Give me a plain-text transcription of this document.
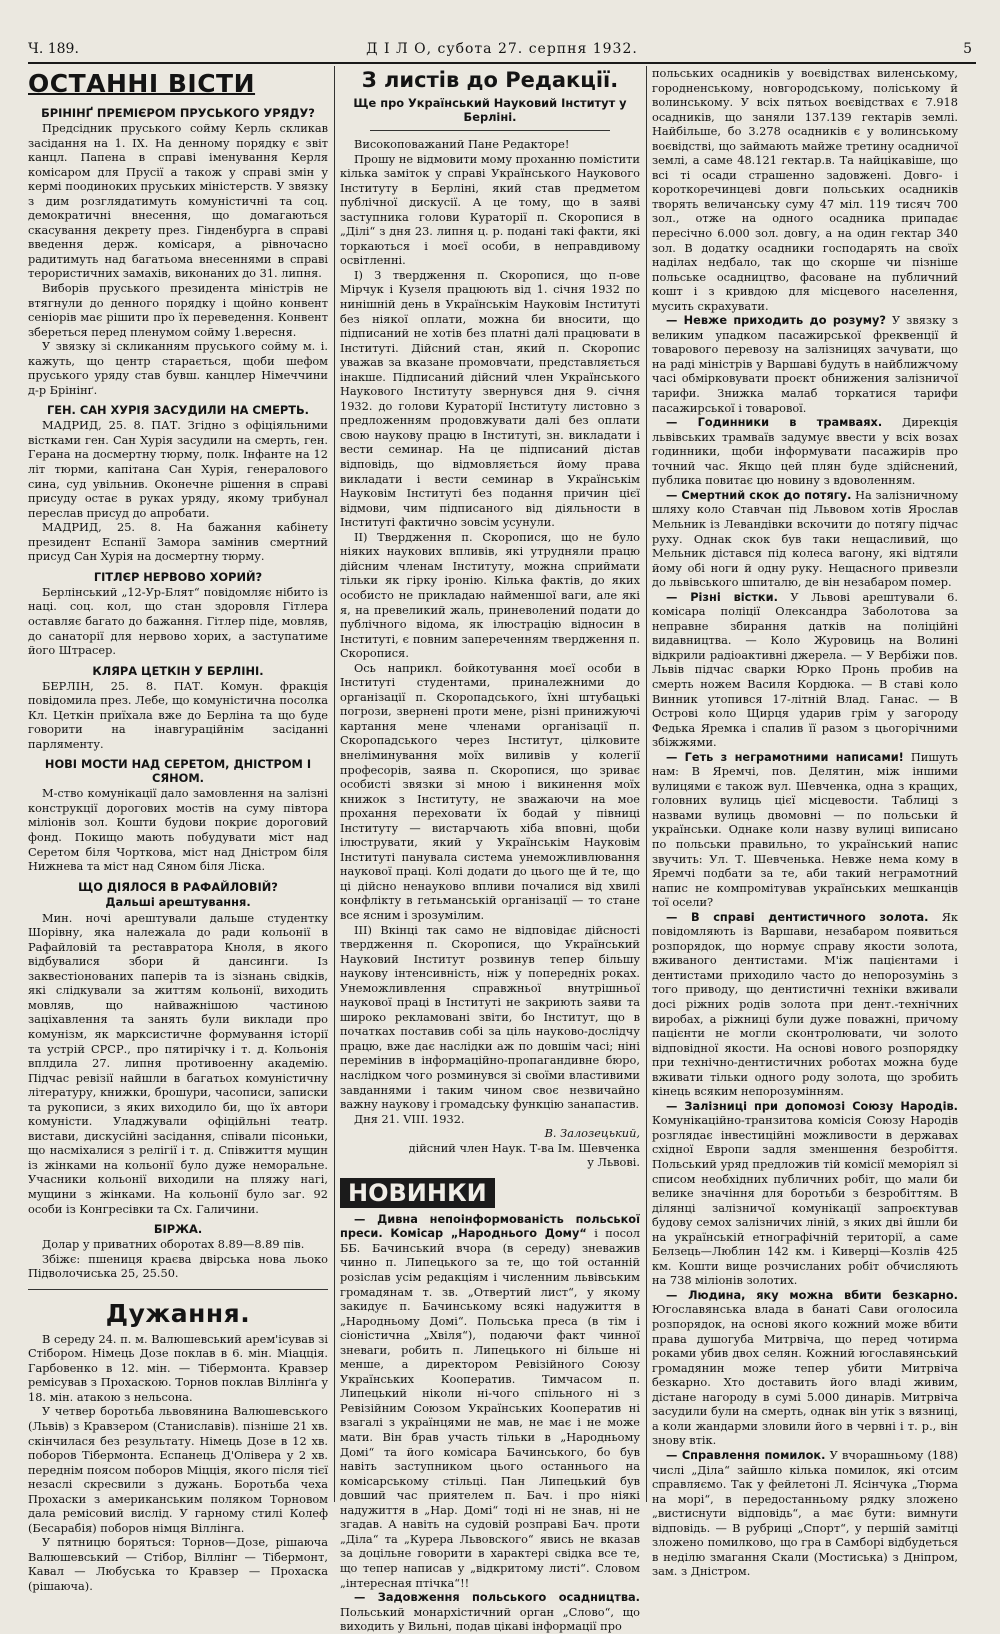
Ч. 189.	Д І Л О, субота 27. серпня 1932.	5
ОСТАННІ ВІСТИ
БРІНІНҐ ПРЕМІЄРОМ ПРУСЬКОГО УРЯДУ?

Предсідник пруського сойму Керль скликав засідання на 1. IX. На денному порядку є звіт канцл. Папена в справі іменування Керля комісаром для Прусії а також у справі змін у кермі поодиноких пруських міністерств. У звязку з дим розглядатимуть комуністичні та соц. демократичні внесення, що домагаються скасування декрету през. Гінденбурга в справі введення держ. комісаря, а рівночасно радитимуть над багатьома внесеннями в справі терористичних замахів, виконаних до 31. липня.

Виборів пруського президента міністрів не втягнули до денного порядку і щойно конвент сеніорів має рішити про їх переведення. Конвент збереться перед пленумом сойму 1.вересня.

У звязку зі скликанням пруського сойму м. і. кажуть, що центр старається, щоби шефом пруського уряду став бувш. канцлер Німеччини д-р Брінінґ.

ГЕН. САН ХУРІЯ ЗАСУДИЛИ НА СМЕРТЬ.

МАДРИД, 25. 8. ПАТ. Згідно з офіціяльними вістками ген. Сан Хурія засудили на смерть, ген. Герана на досмертну тюрму, полк. Інфанте на 12 літ тюрми, капітана Сан Хурія, генералового сина, суд увільнив. Оконечне рішення в справі присуду остає в руках уряду, якому трибунал переслав присуд до апробати.

МАДРИД, 25. 8. На бажання кабінету президент Еспанії Замора замінив смертний присуд Сан Хурія на досмертну тюрму.

ГІТЛЄР НЕРВОВО ХОРИЙ?

Берлінський „12-Ур-Блят“ повідомляє нібито із наці. соц. кол, що стан здоровля Гітлера оставляє багато до бажання. Гітлер піде, мовляв, до санаторії для нервово хорих, а заступатиме його Штрасер.

КЛЯРА ЦЕТКІН У БЕРЛІНІ.

БЕРЛІН, 25. 8. ПАТ. Комун. фракція повідомила през. Лебе, що комуністична посолка Кл. Цеткін приїхала вже до Берліна та що буде говорити на інавгураційнім засіданні парляменту.

НОВІ МОСТИ НАД СЕРЕТОМ, ДНІСТРОМ І СЯНОМ.

М-ство комунікації дало замовлення на залізні конструкції дорогових мостів на суму півтора міліонів зол. Кошти будови покриє дороговий фонд. Покищо мають побудувати міст над Серетом біля Чорткова, міст над Дністром біля Нижнева та міст над Сяном біля Ліска.

ЩО ДІЯЛОСЯ В РАФАЙЛОВІЙ?
Дальші арештування.

Мин. ночі арештували дальше студентку Шорівну, яка належала до ради кольонії в Рафайловій та реставратора Кноля, в якого відбувалися збори й дансинги. Із заквестіонованих паперів та із зізнань свідків, які слідкували за життям кольонії, виходить мовляв, що найважнішою частиною заціхавлення та занять були виклади про комунізм, як марксистичне формування історії та устрій СРСР., про пятирічку і т. д. Кольонія вплдила 27. липня противоенну академію. Підчас ревізії найшли в багатьох комуністичну літературу, книжки, брошури, часописи, записки та рукописи, з яких виходило би, що їх автори комуністи. Уладжували офіційльні театр. вистави, дискусійні засідання, співали пісоньки, що насміхалися з релігії і т. д. Співжиття мущин із жінками на кольонії було дуже неморальне. Учасники кольонії виходили на пляжу нагі, мущини з жінками. На кольонії було заг. 92 особи із Конгресівки та Сх. Галичини.

БІРЖА.

Долар у приватних оборотах 8.89—8.89 пів.

Збіжє: пшениця краєва двірська нова льоко Підволочиська 25, 25.50.

Дужання.

В середу 24. п. м. Валюшевський арем'ісував зі Стібором. Німець Дозе поклав в 6. мін. Міацція. Гарбовенко в 12. мін. — Тібермонта. Кравзер ремісував з Прохаскою. Торнов поклав Віллінґа у 18. мін. атакою з нельсона.

У четвер боротьба львовянина Валюшевського (Львів) з Кравзером (Станиславів). пізніше 21 хв. скінчилася без результату. Німець Дозе в 12 хв. поборов Тібермонта. Еспанець Д'Олівера у 2 хв. переднім поясом поборов Міцція, якого після тієї незаслі скресвили з дужань. Боротьба чеха Прохаски з американським поляком Торновом дала ремісовий вислід. У гарному стилі Колеф (Бесарабія) поборов німця Віллінга.

У пятницю боряться: Торнов—Дозе, рішаюча Валюшевський — Стібор, Віллінг — Тібермонт, Кавал — Любуська то Кравзер — Прохаска (рішаюча).

З листів до Редакції.
Ще про Український Науковий Інститут у Берліні.

Високоповажаний Пане Редакторе!

Прошу не відмовити мому проханню помістити кілька заміток у справі Українського Наукового Інституту в Берліні, який став предметом публічної дискусії. А це тому, що в заяві заступника голови Кураторії п. Скоропися в „Ділі“ з дня 23. липня ц. р. подані такі факти, які торкаються і моєї особи, в неправдивому освітленні.

I) З твердження п. Скоропися, що п-ове Мірчук і Кузеля працюють від 1. січня 1932 по нинішній день в Українськім Науковім Інституті без ніякої оплати, можна би вносити, що підписаний не хотів без платні далі працювати в Інституті. Дійсний стан, який п. Скоропис уважав за вказане промовчати, представляється інакше. Підписаний дійсний член Українського Наукового Інституту звернувся дня 9. січня 1932. до голови Кураторії Інституту листовно з предложенням продовжувати далі без оплати свою наукову працю в Інституті, зн. викладати і вести семинар. На це підписаний дістав відповідь, що відмовляється йому права викладати і вести семинар в Українськім Науковім Інституті без подання причин цієї відмови, чим підписаного від діяльности в Інституті фактично зовсім усунули.

II) Твердження п. Скоропися, що не було ніяких наукових впливів, які утрудняли працю дійсним членам Інституту, можна сприймати тільки як гірку іронію. Кілька фактів, до яких особисто не прикладаю найменшої ваги, але які я, на превеликий жаль, приневолений подати до публічного відома, як ілюстрацію відносин в Інституті, є повним запереченням твердження п. Скоропися.

Ось наприкл. бойкотування моєї особи в Інституті студентами, приналежними до організації п. Скоропадського, їхні штубацькі погрози, звернені проти мене, різні принижуючі картання мене членами організації п. Скоропадського через Інститут, цілковите внеліминування моїх виливів у колегії професорів, заява п. Скоропися, що зриває особисті звязки зі мною і викинення моїх книжок з Інституту, не зважаючи на мое прохання переховати їх бодай у півниці Інституту — вистарчають хіба вповні, щоби ілюструвати, який у Українськім Науковім Інституті панувала система унеможливлювання наукової праці. Колі додати до цього ще й те, що ці дійсно ненауково впливи почалися від хвилі конфлікту в гетьманській організації — то стане все ясним і зрозумілим.

III) Вкінці так само не відповідає дійсності твердження п. Скоропися, що Український Науковий Інститут розвинув тепер більшу наукову інтенсивність, ніж у попередніх роках. Унеможливлення справжньої внутрішньої наукової праці в Інституті не закриють заяви та широко рекламовані звіти, бо Інститут, що в початках поставив собі за ціль науково-дослідчу працю, вже дає наслідки аж по довшім часі; ніні перемінив в інформаційно-пропагандивне бюро, наслідком чого розминувся зі своїми властивими завданнями і таким чином своє незвичайно важну наукову і громадську функцію занапастив.

Дня 21. VIII. 1932.

В. Залозецький,
дійсний член Наук. Т-ва Ім. Шевченка
у Львові.
НОВИНКИ

— Дивна непоінформованість польської преси. Комісар „Народнього Дому“ і посол ББ. Бачинський вчора (в середу) зневажив чинно п. Липецького за те, що той останній розіслав усім редакціям і численним львівським громадянам т. зв. „Отвертий лист“, у якому закидує п. Бачинському всякі надужиття в „Народньому Домі“. Польська преса (в тім і сіоністична „Хвіля“), подаючи факт чинної зневаги, робить п. Липецького ні більше ні менше, а директором Ревізійного Союзу Українських Кооператив. Тимчасом п. Липецький ніколи ні-чого спільного ні з Ревізійним Союзом Українських Кооператив ні взагалі з українцями не мав, не має і не може мати. Він брав участь тільки в „Народньому Домі“ та його комісара Бачинського, бо був навіть заступником цього останнього на комісарському стільці. Пан Липецький був довший час приятелем п. Бач. і про ніякі надужиття в „Нар. Домі“ тоді ні не знав, ні не згадав. А навіть на судовій розправі Бач. проти „Діла“ та „Курера Львовского“ явись не вказав за доцільне говорити в характері свідка все те, що тепер написав у „відкритому листі“. Словом „інтересная птічка“!!

— Задовження польського осадництва. Польський монархістичний орган „Слово“, що виходить у Вильні, подав цікаві інформації про

польських осадників у воєвідствах виленському, городненському, новгородському, поліському й волинському. У всіх пятьох воєвідствах є 7.918 осадників, що заняли 137.139 гектарів землі. Найбільше, бо 3.278 осадників є у волинському воєвідстві, що займають майже третину осадничої землі, а саме 48.121 гектар.в. Та найцікавіше, що всі ті осади страшенно задовжені. Довго- і короткоречинцеві довги польських осадників творять величанську суму 47 міл. 119 тисяч 700 зол., отже на одного осадника припадає пересічно 6.000 зол. довгу, а на один гектар 340 зол. В додатку осадники господарять на своїх наділах недбало, так що скорше чи пізніше польське осадництво, фасоване на публичний кошт і з кривдою для місцевого населення, мусить скрахувати.

— Невже приходить до розуму? У звязку з великим упадком пасажирської фреквенції й товарового перевозу на залізницях зачувати, що на раді міністрів у Варшаві будуть в найближчому часі обмірковувати проєкт обнижения залізничої тарифи. Знижка малаб торкатися тарифи пасажирської і товарової.

— Годинники в трамваях. Дирекція львівських трамваїв задумує ввести у всіх возах годинники, щоби інформувати пасажирів про точний час. Якщо цей плян буде здійснений, публика повитає цю новину з вдоволенням.

— Смертний скок до потягу. На залізничному шляху коло Ставчан під Львовом хотів Ярослав Мельник із Левандівки вскочити до потягу підчас руху. Однак скок був таки нещасливий, що Мельник дістався під колеса вагону, які відтяли йому обі ноги й одну руку. Нещасного привезли до львівського шпиталю, де він незабаром помер.

— Різні вістки. У Львові арештували 6. комісара поліції Олександра Заболотова за неправне збирання датків на поліційні видавництва. — Коло Журовиць на Волині відкрили радіоактивні джерела. — У Вербіжи пов. Львів підчас сварки Юрко Пронь пробив на смерть ножем Василя Кордюка. — В ставі коло Винник утопився 17-літній Влад. Ганас. — В Острові коло Щирця ударив грім у загороду Федька Яремка і спалив її разом з цьогорічними збіжжями.

— Геть з неграмотними написами! Пишуть нам: В Яремчі, пов. Делятин, між іншими вулицями є також вул. Шевченка, одна з кращих, головних вулиць цієї місцевости. Таблиці з назвами вулиць двомовні — по польськи й українськи. Однаке коли назву вулиці виписано по польськи правильно, то український напис звучить: Ул. Т. Шевченька. Невже нема кому в Яремчі подбати за те, аби такий неграмотний напис не компромітував українських мешканців тої осели?

— В справі дентистичного золота. Як повідомляють із Варшави, незабаром появиться розпорядок, що нормує справу якости золота, вживаного дентистами. М'іж пацієнтами і дентистами приходило часто до непорозумінь з того приводу, що дентистичні техніки вживали досі ріжних родів золота при дент.-технічних виробах, а ріжниці були дуже поважні, причому пацієнти не могли сконтролювати, чи золото відповідної якости. На основі нового розпорядку при технічно-дентистичних роботах можна буде вживати тільки одного роду золота, що зробить кінець всяким непорозумінням.

— Залізниці при допомозі Союзу Народів. Комунікаційно-транзитова комісія Союзу Народів розглядає інвестиційні можливости в державах східної Европи задля зменшення безробіття. Польський уряд предложив тій комісії меморіял зі списом необхідних публичних робіт, що мали би велике значіння для боротьби з безробіттям. В ділянці залізничої комунікації запроєктував будову семох залізничих ліній, з яких дві йшли би на українській етнографічній території, а саме Белзець—Люблин 142 км. і Киверці—Козлів 425 км. Кошти вище розчисланих робіт обчисляють на 738 міліонів золотих.

— Людина, яку можна вбити безкарно. Югославянська влада в банаті Сави оголосила розпорядок, на основі якого кожний може вбити права душогуба Митрвіча, що перед чотирма роками убив двох селян. Кожний югославянський громадянин може тепер убити Митрвіча безкарно. Хто доставить його владі живим, дістане нагороду в сумі 5.000 динарів. Митрвіча засудили були на смерть, однак він утік з вязниці, а коли жандарми зловили його в червні і т. р., він знову втік.

— Справлення помилок. У вчорашньому (188) числі „Діла“ зайшло кілька помилок, які отсим справляємо. Так у фейлетоні Л. Ясінчука „Тюрма на морі“, в передостанньому рядку зложено „вистиснути відповідь“, а має бути: вимнути відповідь. — В рубриці „Спорт“, у першій замітці зложено помилково, що гра в Самборі відбудеться в неділю змагання Скали (Мостиська) з Дніпром, зам. з Дністром.
